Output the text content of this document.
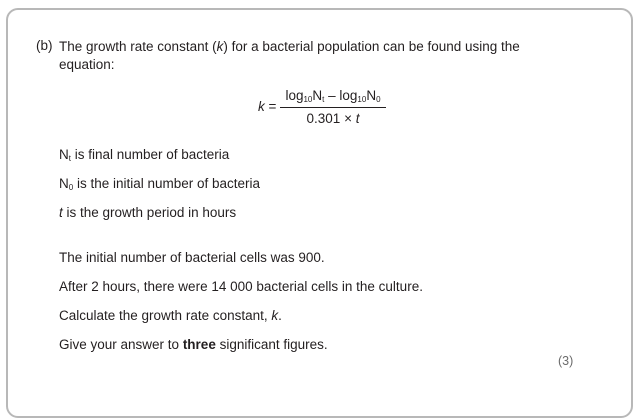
(b) The growth rate constant (k) for a bacterial population can be found using the equation:
k =
$\log_{10}N_t - \log_{10}N_0$
0.301 × t
$N_t$ is final number of bacteria
$N_0$ is the initial number of bacteria
t is the growth period in hours
The initial number of bacterial cells was 900.
After 2 hours, there were 14 000 bacterial cells in the culture.
Calculate the growth rate constant, k.
Give your answer to three significant figures.
(3)
